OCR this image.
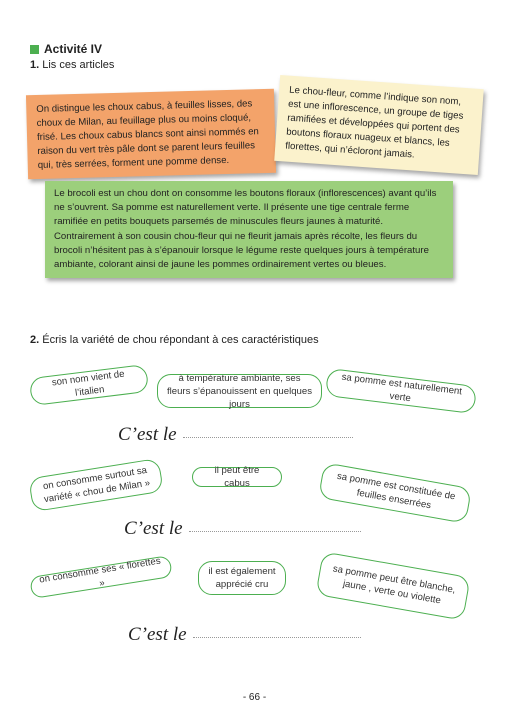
Activité IV
1. Lis ces articles
On distingue les choux cabus, à feuilles lisses, des choux de Milan, au feuillage plus ou moins cloqué, frisé. Les choux cabus blancs sont ainsi nommés en raison du vert très pâle dont se parent leurs feuilles qui, très serrées, forment une pomme dense.
Le chou-fleur, comme l’indique son nom, est une inflorescence, un groupe de tiges ramifiées et développées qui portent des boutons floraux nuageux et blancs, les florettes, qui n’écloront jamais.
Le brocoli est un chou dont on consomme les boutons floraux (inflorescences) avant qu’ils ne s’ouvrent. Sa pomme est naturellement verte. Il présente une tige centrale ferme ramifiée en petits bouquets parsemés de minuscules fleurs jaunes à maturité.
Contrairement à son cousin chou-fleur qui ne fleurit jamais après récolte, les fleurs du brocoli n’hésitent pas à s’épanouir lorsque le légume reste quelques jours à température ambiante, colorant ainsi de jaune les pommes ordinairement vertes ou bleues.
2. Écris la variété de chou répondant à ces caractéristiques
son nom vient de l’italien
à température ambiante, ses fleurs s’épanouissent en quelques jours
sa pomme est naturellement verte
C’est le
on consomme surtout sa variété « chou de Milan »
il peut être cabus	sa pomme est constituée de feuilles enserrées
C’est le
on consomme ses « florettes »
il est également apprécié cru	sa pomme peut être blanche, jaune , verte ou violette
C’est le
- 66 -
